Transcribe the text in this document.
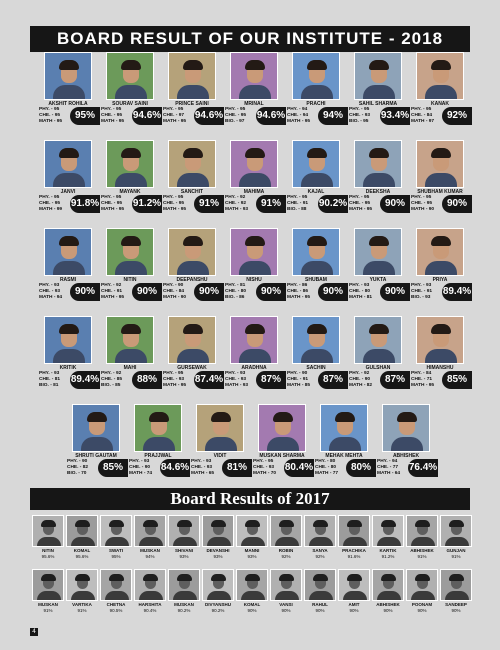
BOARD RESULT OF OUR INSTITUTE - 2018
AKSHIT ROHILA
PHY. - 95
CHE. - 95
MATH - 95
95%
SOURAV SAINI
PHY. - 95
CHE. - 95
MATH - 95
94.6%
PRINCE SAINI
PHY. - 95
CHE. - 97
MATH - 95
94.6%
MRINAL
PHY. - 95
CHE. - 95
BIO. - 97
94.6%
PRACHI
PHY. - 94
CHE. - 94
MATH - 95
94%
SAHIL SHARMA
PHY. - 95
CHE. - 93
BIO. - 95
93.4%
KANAK
PHY. - 95
CHE. - 84
MATH - 97
92%
JANVI
PHY. - 95
CHE. - 95
MATH - 99
91.8%
MAYANK
PHY. - 95
CHE. - 95
MATH - 95
91.2%
SANCHIT
PHY. - 95
CHE. - 95
MATH - 95
91%
MAHIMA
PHY. - 92
CHE. - 92
MATH - 93
91%
KAJAL
PHY. - 95
CHE. - 91
BIO. - 88
90.2%
DEEKSHA
PHY. - 95
CHE. - 95
MATH - 95
90%
SHUBHAM KUMAR
PHY. - 95
CHE. - 95
MATH - 90
90%
RASMI
PHY. - 93
CHE. - 93
MATH - 94
90%
NITIN
PHY. - 92
CHE. - 91
MATH - 95
90%
DEEPANSHU
PHY. - 90
CHE. - 84
MATH - 90
90%
NISHU
PHY. - 81
CHE. - 80
BIO. - 86
90%
SHUBAM
PHY. - 86
CHE. - 86
MATH - 95
90%
YUKTA
PHY. - 93
CHE. - 80
MATH - 81
90%
PRIYA
PHY. - 93
CHE. - 91
BIO. - 93
89.4%
KRITIK
PHY. - 93
CHE. - 81
BIO. - 81
89.4%
MAHI
PHY. - 92
CHE. - 85
BIO. - 85
88%
GURSEWAK
PHY. - 95
CHE. - 93
MATH - 95
87.4%
ARADHNA
PHY. - 93
CHE. - 93
MATH - 93
87%
SACHIN
PHY. - 90
CHE. - 91
MATH - 85
87%
GULSHAN
PHY. - 92
CHE. - 90
MATH - 82
87%
HIMANSHU
PHY. - 84
CHE. - 71
MATH - 95
85%
SHRUTI GAUTAM
PHY. - 90
CHE. - 82
BIO. - 70
85%
PRAJJWAL
PHY. - 93
CHE. - 90
MATH - 74
84.6%
VIDIT
PHY. - 93
CHE. - 93
MATH - 65
81%
MUSKAN SHARMA
PHY. - 95
CHE. - 93
MATH - 70
80.4%
MEHAK MEHTA
PHY. - 80
CHE. - 80
MATH - 77
80%
ABHISHEK
PHY. - 94
CHE. - 77
MATH - 64
76.4%
Board Results of 2017
NITIN
95.6%
KOMAL
95.6%
SWATI
95%
MUSKAN
94%
SHIVANI
93%
DEVANSHI
93%
MANNI
93%
ROBIN
92%
SANYA
92%
PRACHIKA
91.6%
KARTIK
91.2%
ABHISHEK
91%
GUNJAN
91%
MUSKAN
91%
VARTIKA
91%
CHETNA
90.5%
HARSHITA
90.4%
MUSKAN
90.2%
DIVYANSHU
90.2%
KOMAL
90%
VANSI
90%
RAHUL
90%
AMIT
90%
ABHISHEK
90%
POONAM
90%
SANDEEP
90%
4
